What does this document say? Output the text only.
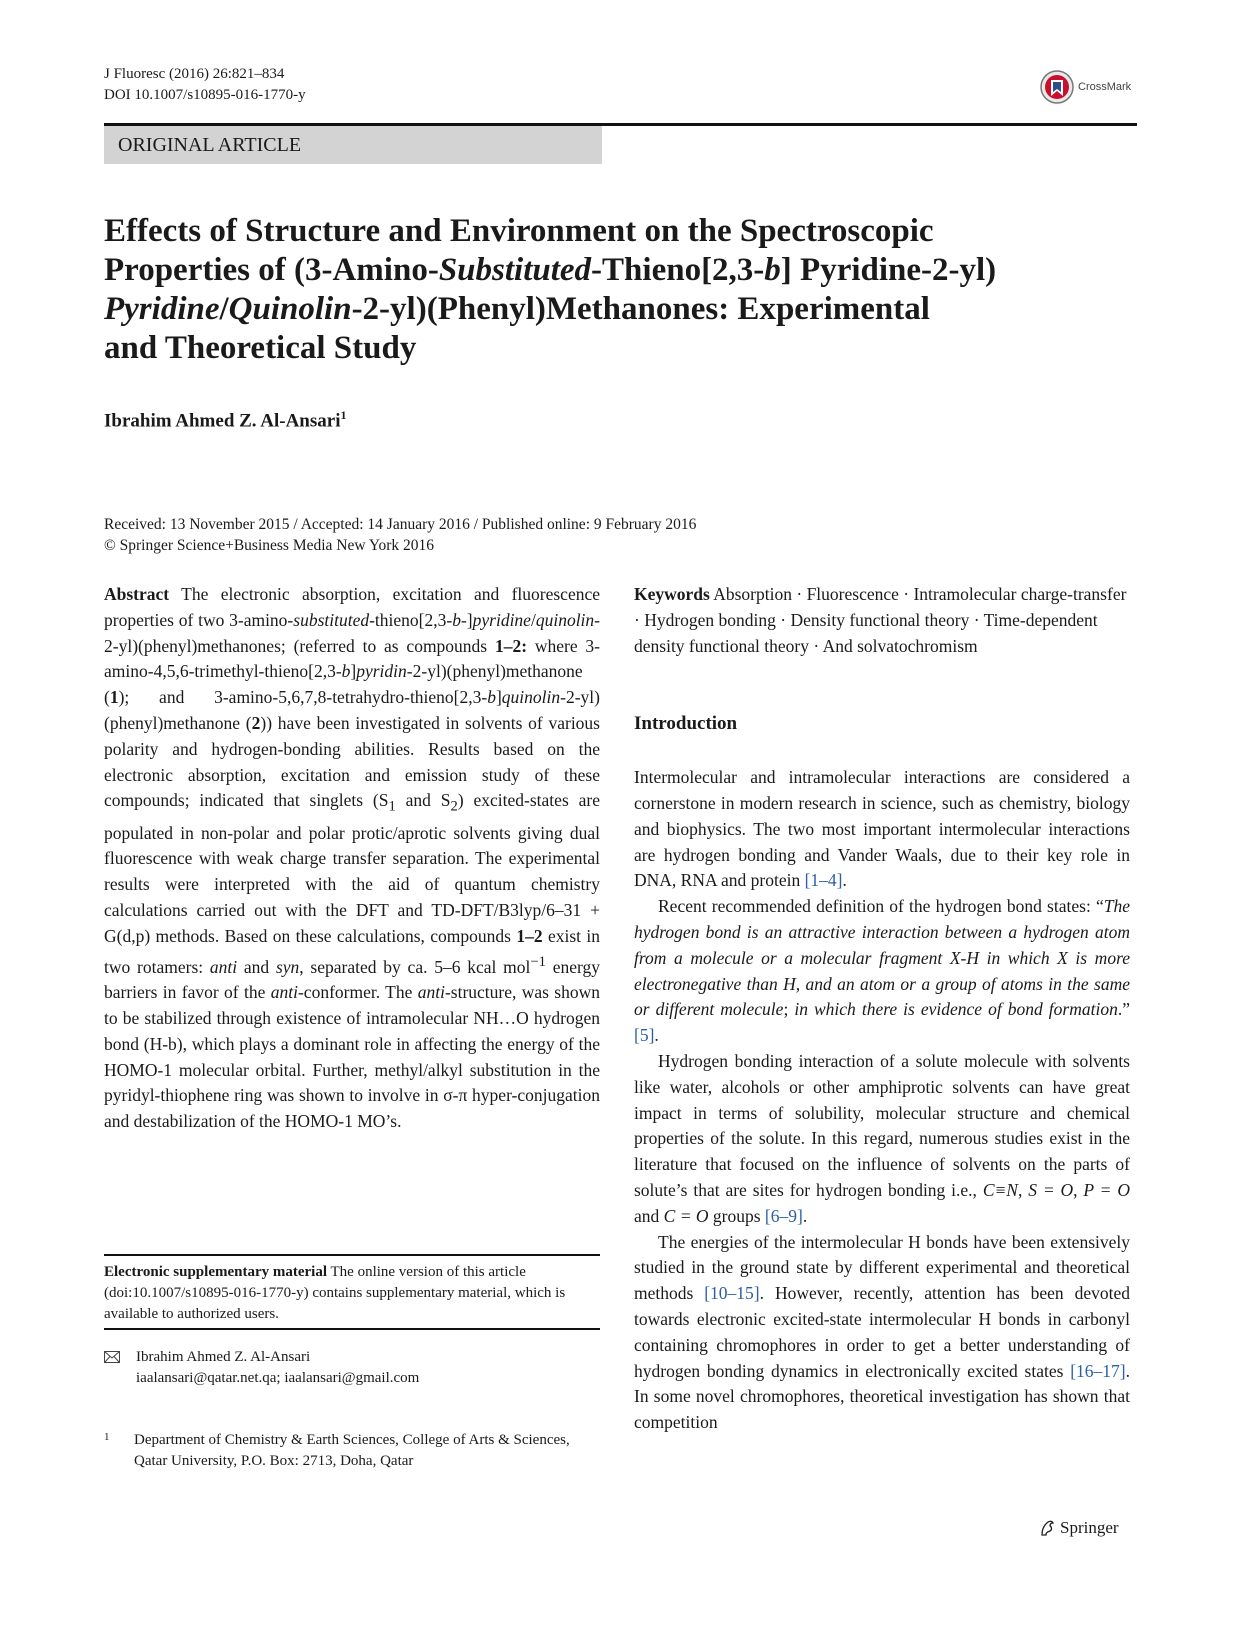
J Fluoresc (2016) 26:821–834
DOI 10.1007/s10895-016-1770-y	CrossMark
ORIGINAL ARTICLE
Effects of Structure and Environment on the Spectroscopic
Properties of (3-Amino-Substituted-Thieno[2,3-b] Pyridine-2-yl)
Pyridine/Quinolin-2-yl)(Phenyl)Methanones: Experimental
and Theoretical Study
Ibrahim Ahmed Z. Al-Ansari$^1$
Received: 13 November 2015 / Accepted: 14 January 2016 / Published online: 9 February 2016
© Springer Science+Business Media New York 2016

Abstract The electronic absorption, excitation and fluorescence properties of two 3-amino-substituted-thieno[2,3-b-]pyridine/quinolin-2-yl)(phenyl)methanones; (referred to as compounds 1–2: where 3-amino-4,5,6-trimethyl-thieno[2,3-b]pyridin-2-yl)(phenyl)methanone (1); and 3-amino-5,6,7,8-tetrahydro-thieno[2,3-b]quinolin-2-yl)(phenyl)methanone (2)) have been investigated in solvents of various polarity and hydrogen-bonding abilities. Results based on the electronic absorption, excitation and emission study of these compounds; indicated that singlets ($S_1$ and $S_2$) excited-states are populated in non-polar and polar protic/aprotic solvents giving dual fluorescence with weak charge transfer separation. The experimental results were interpreted with the aid of quantum chemistry calculations carried out with the DFT and TD-DFT/B3lyp/6–31 + G(d,p) methods. Based on these calculations, compounds 1–2 exist in two rotamers: anti and syn, separated by ca. 5–6 kcal mol$^{-1}$ energy barriers in favor of the anti-conformer. The anti-structure, was shown to be stabilized through existence of intramolecular NH…O hydrogen bond (H-b), which plays a dominant role in affecting the energy of the HOMO-1 molecular orbital. Further, methyl/alkyl substitution in the pyridyl-thiophene ring was shown to involve in σ-π hyper-conjugation and destabilization of the HOMO-1 MO’s.

Electronic supplementary material The online version of this article (doi:10.1007/s10895-016-1770-y) contains supplementary material, which is available to authorized users.
Ibrahim Ahmed Z. Al-Ansari
iaalansari@qatar.net.qa; iaalansari@gmail.com
1 Department of Chemistry & Earth Sciences, College of Arts & Sciences, Qatar University, P.O. Box: 2713, Doha, Qatar

Keywords Absorption · Fluorescence · Intramolecular charge-transfer · Hydrogen bonding · Density functional theory · Time-dependent density functional theory · And solvatochromism

Introduction

Intermolecular and intramolecular interactions are considered a cornerstone in modern research in science, such as chemistry, biology and biophysics. The two most important intermolecular interactions are hydrogen bonding and Vander Waals, due to their key role in DNA, RNA and protein [1–4].

Recent recommended definition of the hydrogen bond states: “The hydrogen bond is an attractive interaction between a hydrogen atom from a molecule or a molecular fragment X-H in which X is more electronegative than H, and an atom or a group of atoms in the same or different molecule; in which there is evidence of bond formation.” [5].

Hydrogen bonding interaction of a solute molecule with solvents like water, alcohols or other amphiprotic solvents can have great impact in terms of solubility, molecular structure and chemical properties of the solute. In this regard, numerous studies exist in the literature that focused on the influence of solvents on the parts of solute’s that are sites for hydrogen bonding i.e., C≡N, S = O, P = O and C = O groups [6–9].

The energies of the intermolecular H bonds have been extensively studied in the ground state by different experimental and theoretical methods [10–15]. However, recently, attention has been devoted towards electronic excited-state intermolecular H bonds in carbonyl containing chromophores in order to get a better understanding of hydrogen bonding dynamics in electronically excited states [16–17]. In some novel chromophores, theoretical investigation has shown that competition

Springer
